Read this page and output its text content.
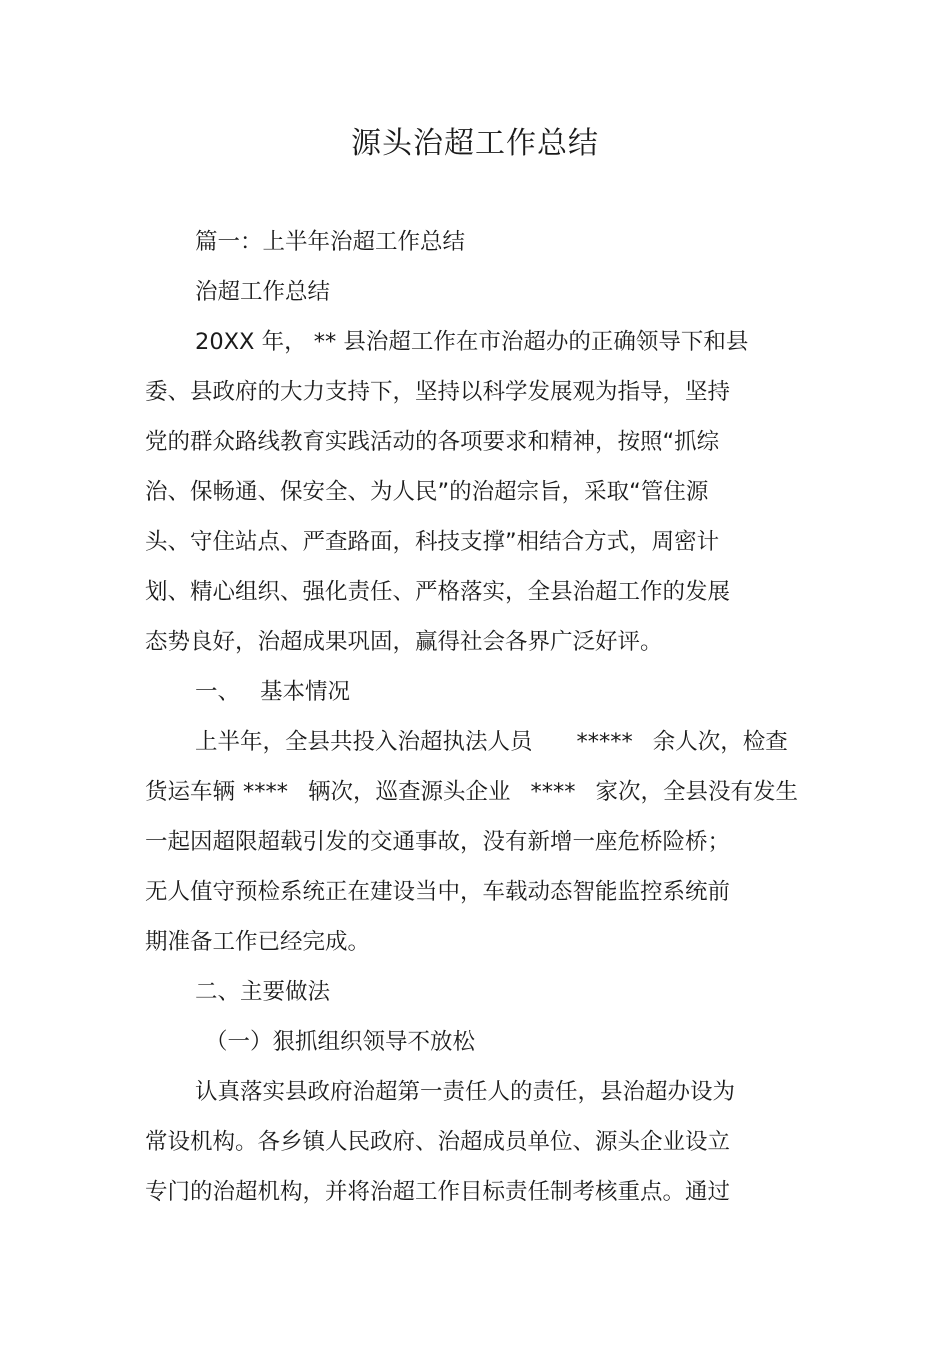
源头治超工作总结
篇一：上半年治超工作总结
治超工作总结
20XX 年， ** 县治超工作在市治超办的正确领导下和县
委、县政府的大力支持下，坚持以科学发展观为指导，坚持
党的群众路线教育实践活动的各项要求和精神，按照“抓综
治、保畅通、保安全、为人民”的治超宗旨，采取“管住源
头、守住站点、严查路面，科技支撑”相结合方式，周密计
划、精心组织、强化责任、严格落实，全县治超工作的发展
态势良好，治超成果巩固，赢得社会各界广泛好评。
一、 基本情况
上半年，全县共投入治超执法人员 ***** 余人次，检查
货运车辆 **** 辆次，巡查源头企业 **** 家次，全县没有发生
一起因超限超载引发的交通事故，没有新增一座危桥险桥；
无人值守预检系统正在建设当中，车载动态智能监控系统前
期准备工作已经完成。
二、主要做法
（一）狠抓组织领导不放松
认真落实县政府治超第一责任人的责任，县治超办设为
常设机构。各乡镇人民政府、治超成员单位、源头企业设立
专门的治超机构，并将治超工作目标责任制考核重点。通过
